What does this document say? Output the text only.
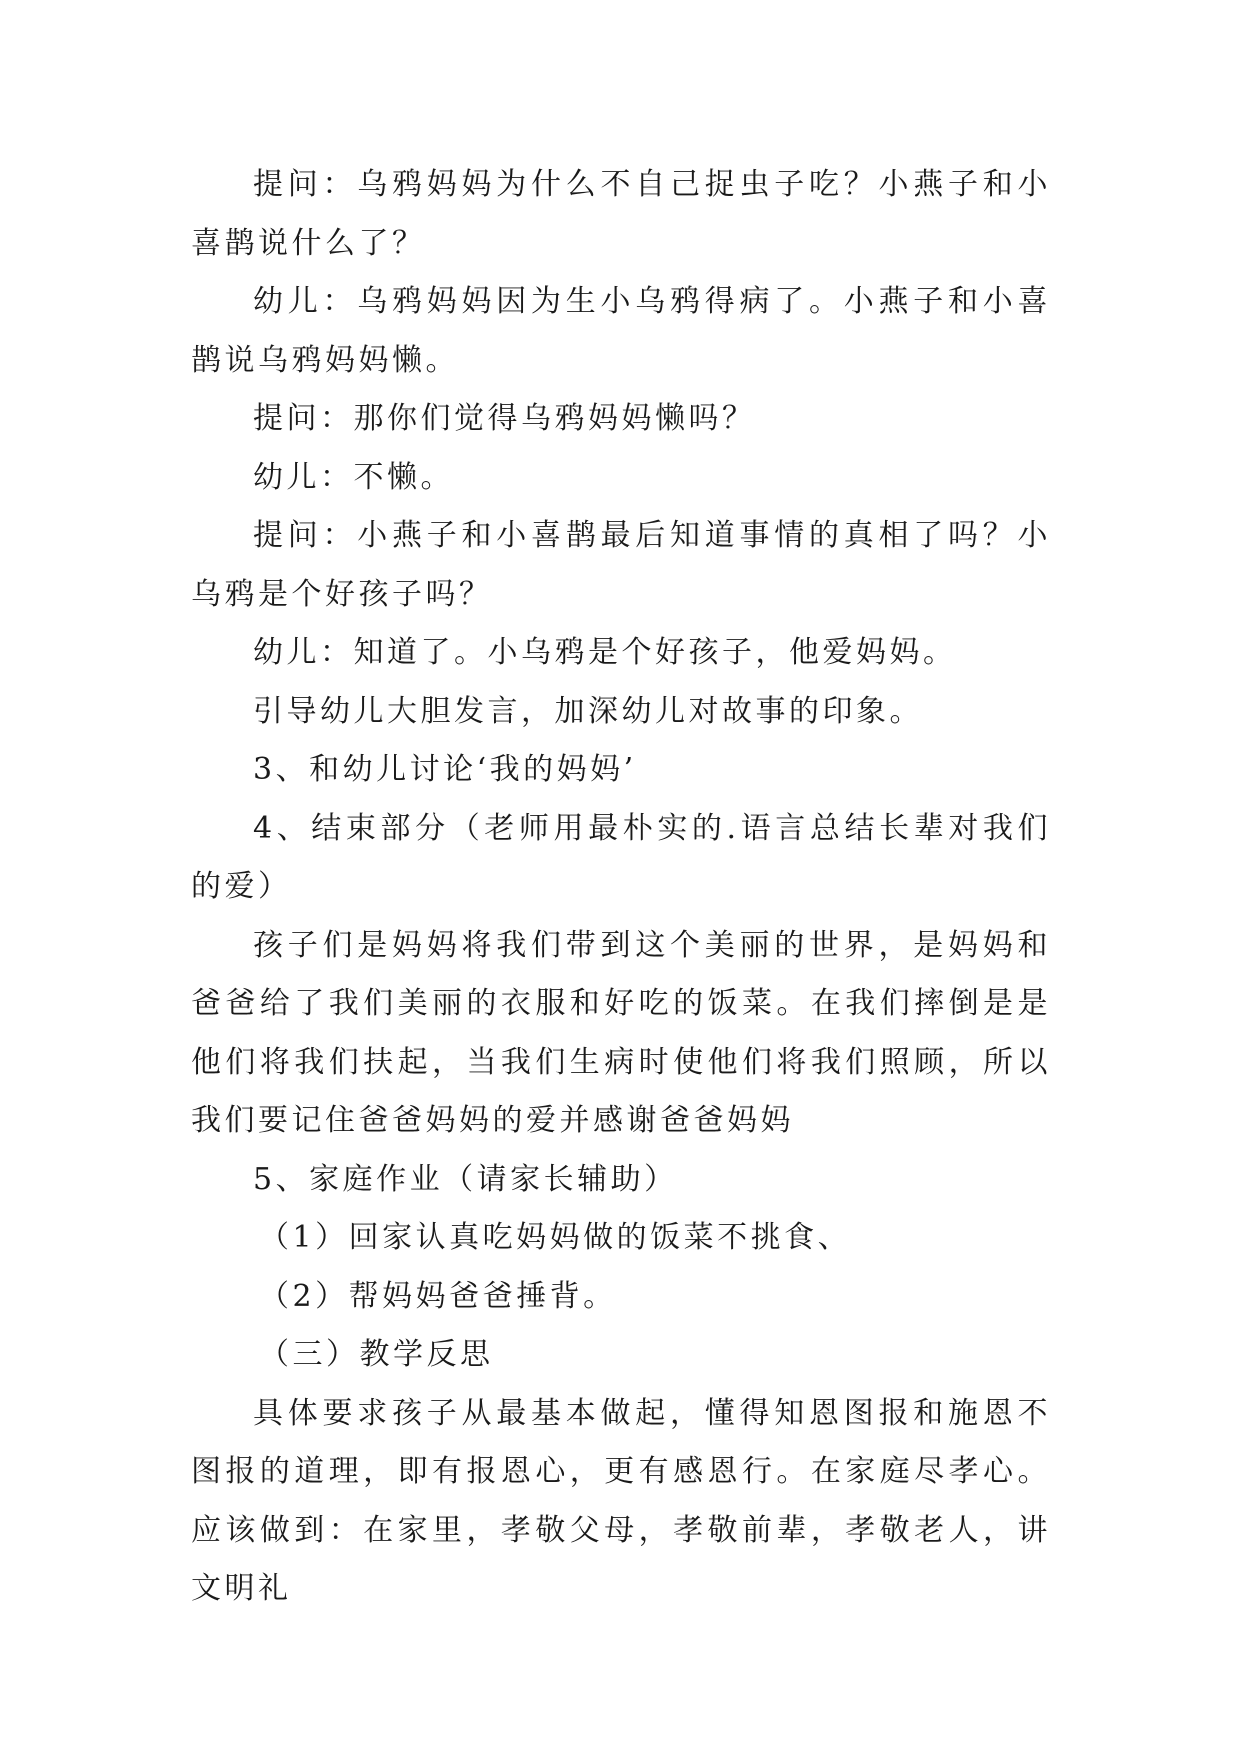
提问：乌鸦妈妈为什么不自己捉虫子吃？小燕子和小喜鹊说什么了？

幼儿：乌鸦妈妈因为生小乌鸦得病了。小燕子和小喜鹊说乌鸦妈妈懒。

提问：那你们觉得乌鸦妈妈懒吗？

幼儿：不懒。

提问：小燕子和小喜鹊最后知道事情的真相了吗？小乌鸦是个好孩子吗？

幼儿：知道了。小乌鸦是个好孩子，他爱妈妈。

引导幼儿大胆发言，加深幼儿对故事的印象。

3、和幼儿讨论‘我的妈妈’

4、结束部分（老师用最朴实的.语言总结长辈对我们的爱）

孩子们是妈妈将我们带到这个美丽的世界，是妈妈和爸爸给了我们美丽的衣服和好吃的饭菜。在我们摔倒是是他们将我们扶起，当我们生病时使他们将我们照顾，所以我们要记住爸爸妈妈的爱并感谢爸爸妈妈

5、家庭作业（请家长辅助）

（1）回家认真吃妈妈做的饭菜不挑食、

（2）帮妈妈爸爸捶背。

（三）教学反思

具体要求孩子从最基本做起，懂得知恩图报和施恩不图报的道理，即有报恩心，更有感恩行。在家庭尽孝心。应该做到：在家里，孝敬父母，孝敬前辈，孝敬老人，讲文明礼
